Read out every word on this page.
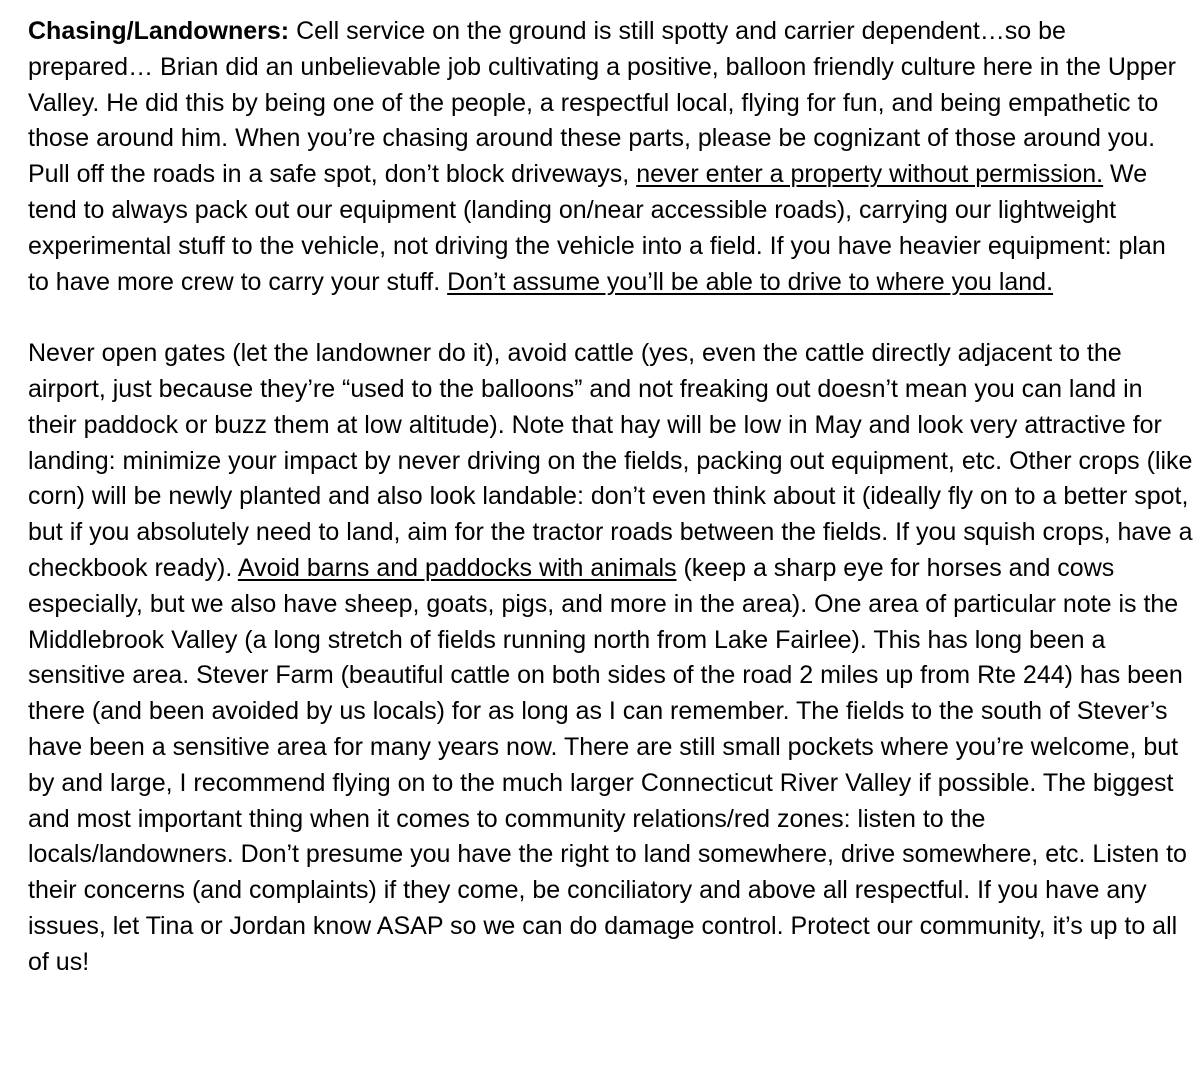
Chasing/Landowners: Cell service on the ground is still spotty and carrier dependent…so be prepared… Brian did an unbelievable job cultivating a positive, balloon friendly culture here in the Upper Valley. He did this by being one of the people, a respectful local, flying for fun, and being empathetic to those around him. When you’re chasing around these parts, please be cognizant of those around you. Pull off the roads in a safe spot, don’t block driveways, never enter a property without permission. We tend to always pack out our equipment (landing on/near accessible roads), carrying our lightweight experimental stuff to the vehicle, not driving the vehicle into a field. If you have heavier equipment: plan to have more crew to carry your stuff. Don’t assume you’ll be able to drive to where you land.

Never open gates (let the landowner do it), avoid cattle (yes, even the cattle directly adjacent to the airport, just because they’re “used to the balloons” and not freaking out doesn’t mean you can land in their paddock or buzz them at low altitude). Note that hay will be low in May and look very attractive for landing: minimize your impact by never driving on the fields, packing out equipment, etc. Other crops (like corn) will be newly planted and also look landable: don’t even think about it (ideally fly on to a better spot, but if you absolutely need to land, aim for the tractor roads between the fields. If you squish crops, have a checkbook ready). Avoid barns and paddocks with animals (keep a sharp eye for horses and cows especially, but we also have sheep, goats, pigs, and more in the area). One area of particular note is the Middlebrook Valley (a long stretch of fields running north from Lake Fairlee). This has long been a sensitive area. Stever Farm (beautiful cattle on both sides of the road 2 miles up from Rte 244) has been there (and been avoided by us locals) for as long as I can remember. The fields to the south of Stever’s have been a sensitive area for many years now. There are still small pockets where you’re welcome, but by and large, I recommend flying on to the much larger Connecticut River Valley if possible. The biggest and most important thing when it comes to community relations/red zones: listen to the locals/landowners. Don’t presume you have the right to land somewhere, drive somewhere, etc. Listen to their concerns (and complaints) if they come, be conciliatory and above all respectful. If you have any issues, let Tina or Jordan know ASAP so we can do damage control. Protect our community, it’s up to all of us!
